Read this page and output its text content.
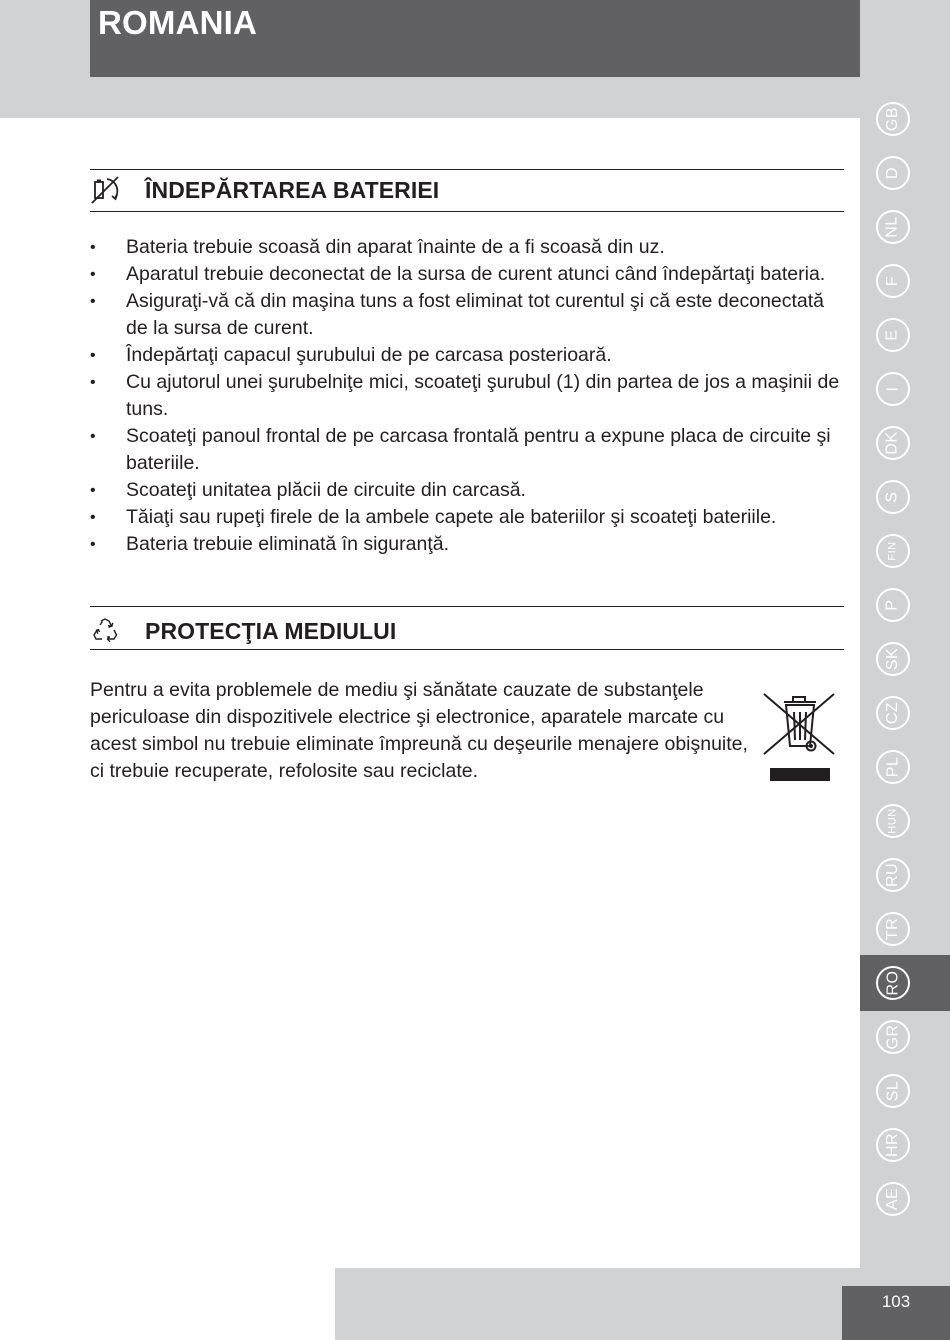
ROMANIA
GB
D
NL
F
E
I
DK
S
FIN
P
SK
CZ
PL
HUN
RU
TR
RO
GR
SL
HR
AE
ÎNDEPĂRTAREA BATERIEI
• Bateria trebuie scoasă din aparat înainte de a fi scoasă din uz.
• Aparatul trebuie deconectat de la sursa de curent atunci când îndepărtaţi bateria.
• Asiguraţi-vă că din maşina tuns a fost eliminat tot curentul şi că este deconectată de la sursa de curent.
• Îndepărtaţi capacul şurubului de pe carcasa posterioară.
• Cu ajutorul unei şurubelniţe mici, scoateţi şurubul (1) din partea de jos a maşinii de tuns.
• Scoateţi panoul frontal de pe carcasa frontală pentru a expune placa de circuite şi bateriile.
• Scoateţi unitatea plăcii de circuite din carcasă.
• Tăiaţi sau rupeţi firele de la ambele capete ale bateriilor şi scoateţi bateriile.
• Bateria trebuie eliminată în siguranţă.
PROTECŢIA MEDIULUI

Pentru a evita problemele de mediu şi sănătate cauzate de substanţele periculoase din dispozitivele electrice şi electronice, aparatele marcate cu acest simbol nu trebuie eliminate împreună cu deşeurile menajere obişnuite, ci trebuie recuperate, refolosite sau reciclate.

103
